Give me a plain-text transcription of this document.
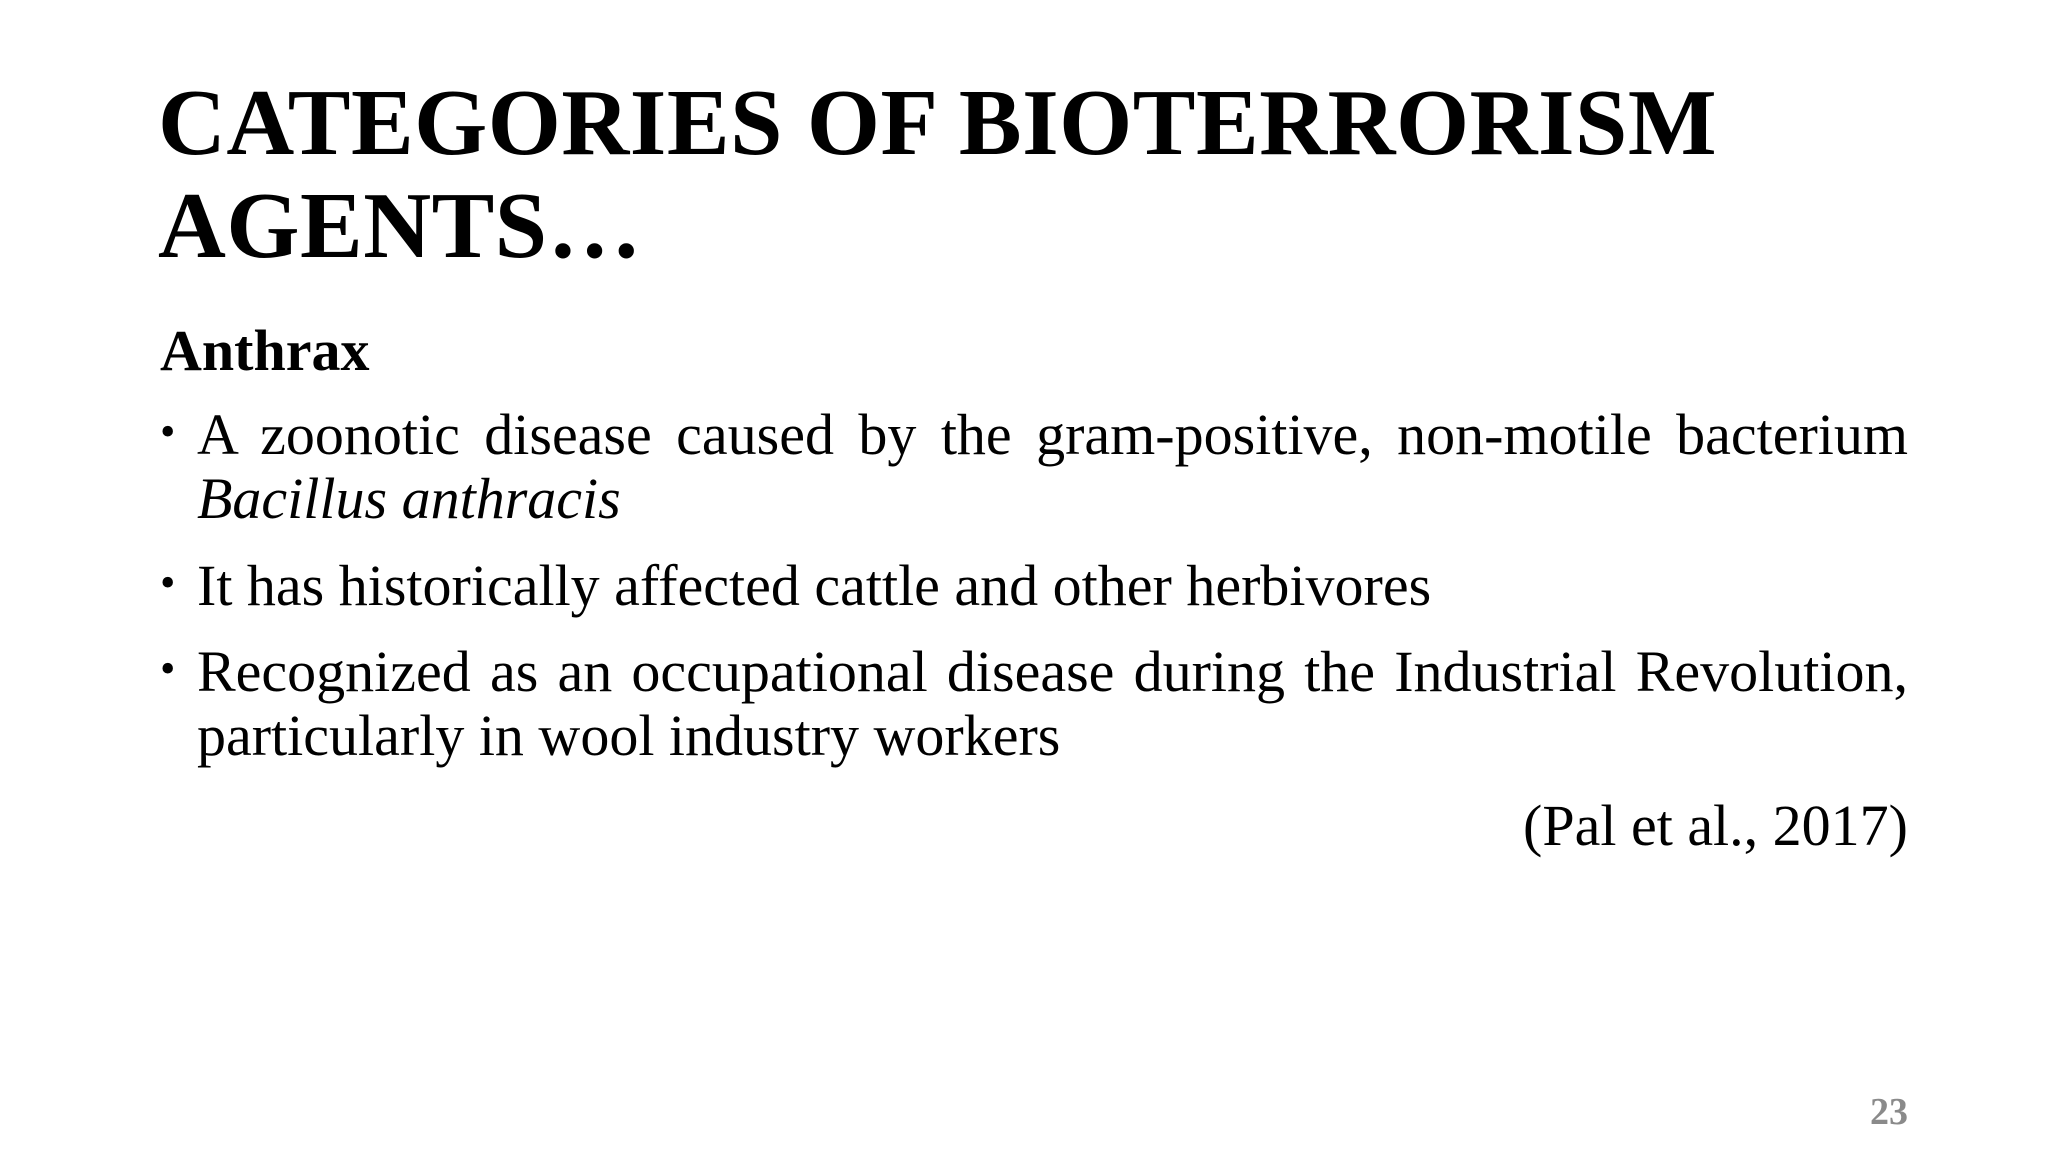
CATEGORIES OF BIOTERRORISM AGENTS…
Anthrax
• A zoonotic disease caused by the gram-positive, non-motile bacterium Bacillus anthracis
• It has historically affected cattle and other herbivores
• Recognized as an occupational disease during the Industrial Revolution, particularly in wool industry workers

(Pal et al., 2017)

23
